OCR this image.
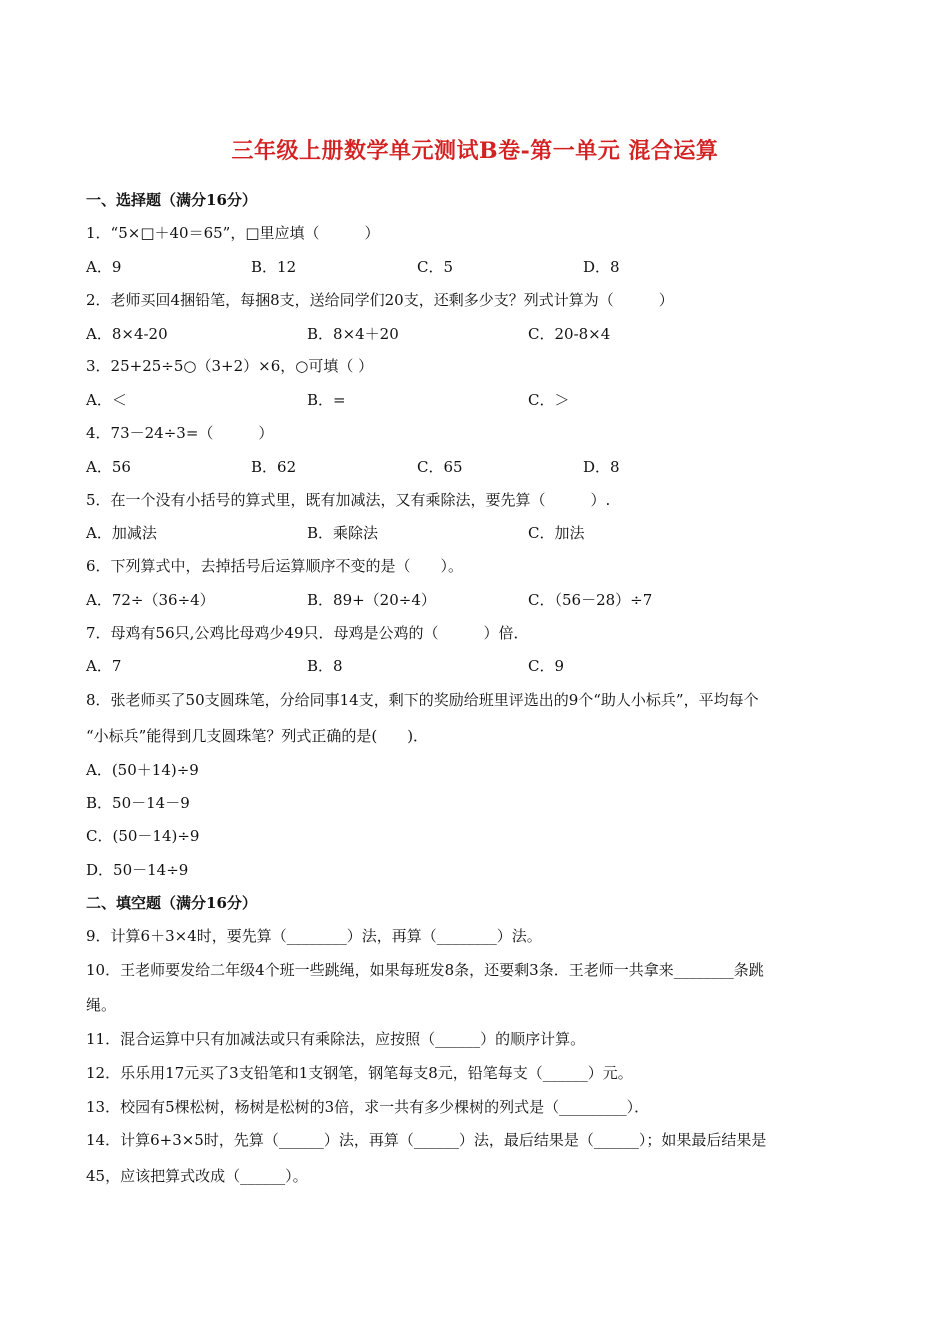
三年级上册数学单元测试B卷-第一单元 混合运算
一、选择题（满分16分）
1．“5×□＋40＝65”，□里应填（　　　）
A．9	B．12	C．5	D．8
2．老师买回4捆铅笔，每捆8支，送给同学们20支，还剩多少支？列式计算为（　　　）
A．8×4-20	B．8×4＋20	C．20-8×4
3．25+25÷5○（3+2）×6，○可填（ ）
A．＜	B．=	C．＞
4．73－24÷3=（　　　）
A．56	B．62	C．65	D．8
5．在一个没有小括号的算式里，既有加减法，又有乘除法，要先算（　　　）.
A．加减法	B．乘除法	C．加法
6．下列算式中，去掉括号后运算顺序不变的是（　　）。
A．72÷（36÷4）	B．89+（20÷4）	C．（56－28）÷7
7．母鸡有56只,公鸡比母鸡少49只．母鸡是公鸡的（　　　）倍．
A．7	B．8	C．9
8．张老师买了50支圆珠笔，分给同事14支，剩下的奖励给班里评选出的9个“助人小标兵”，平均每个
“小标兵”能得到几支圆珠笔？列式正确的是(　　)．
A．(50＋14)÷9
B．50－14－9
C．(50－14)÷9
D．50－14÷9
二、填空题（满分16分）
9．计算6＋3×4时，要先算（________）法，再算（________）法。
10．王老师要发给二年级4个班一些跳绳，如果每班发8条，还要剩3条．王老师一共拿来________条跳
绳。
11．混合运算中只有加减法或只有乘除法，应按照（______）的顺序计算。
12．乐乐用17元买了3支铅笔和1支钢笔，钢笔每支8元，铅笔每支（______）元。
13．校园有5棵松树，杨树是松树的3倍，求一共有多少棵树的列式是（_________）．
14．计算6+3×5时，先算（______）法，再算（______）法，最后结果是（______）；如果最后结果是
45，应该把算式改成（______）。
